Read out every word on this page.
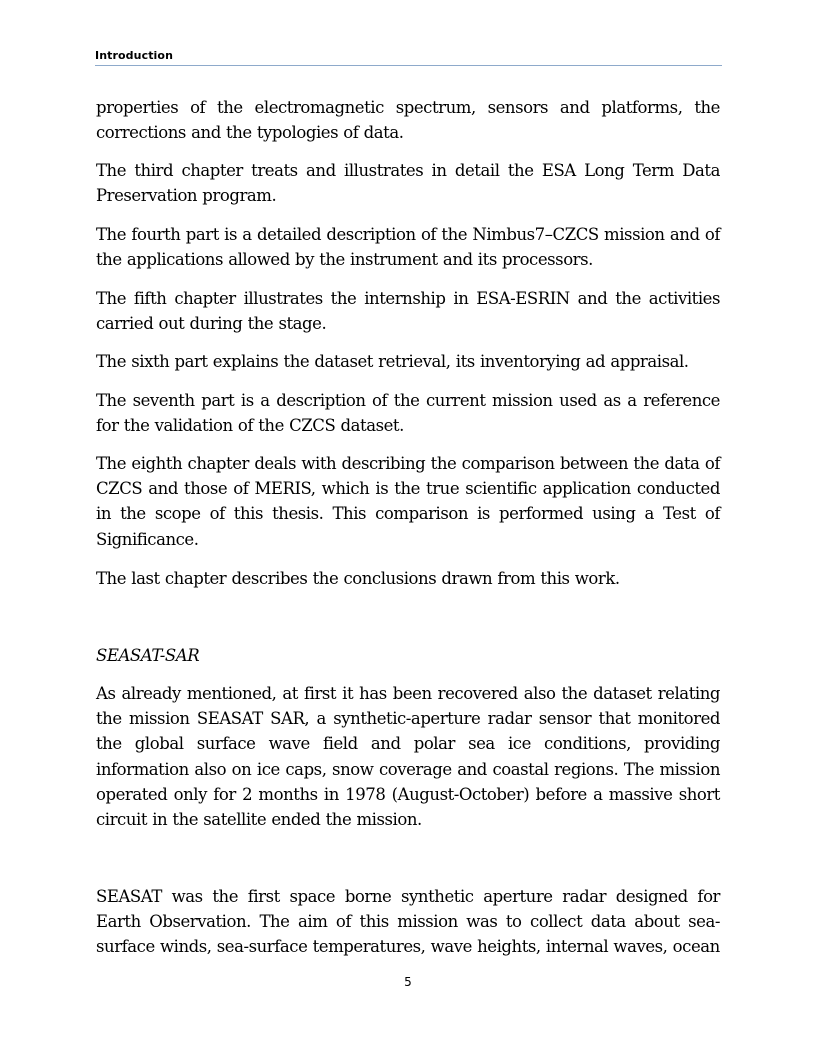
Introduction

properties of the electromagnetic spectrum, sensors and platforms, the corrections and the typologies of data.

The third chapter treats and illustrates in detail the ESA Long Term Data Preservation program.

The fourth part is a detailed description of the Nimbus7–CZCS mission and of the applications allowed by the instrument and its processors.

The fifth chapter illustrates the internship in ESA-ESRIN and the activities carried out during the stage.

The sixth part explains the dataset retrieval, its inventorying ad appraisal.

The seventh part is a description of the current mission used as a reference for the validation of the CZCS dataset.

The eighth chapter deals with describing the comparison between the data of CZCS and those of MERIS, which is the true scientific application conducted in the scope of this thesis. This comparison is performed using a Test of Significance.

The last chapter describes the conclusions drawn from this work.

SEASAT-SAR

As already mentioned, at first it has been recovered also the dataset relating the mission SEASAT SAR, a synthetic-aperture radar sensor that monitored the global surface wave field and polar sea ice conditions, providing information also on ice caps, snow coverage and coastal regions. The mission operated only for 2 months in 1978 (August-October) before a massive short circuit in the satellite ended the mission.

SEASAT was the first space borne synthetic aperture radar designed for Earth Observation. The aim of this mission was to collect data about sea-surface winds, sea-surface temperatures, wave heights, internal waves, ocean

5
